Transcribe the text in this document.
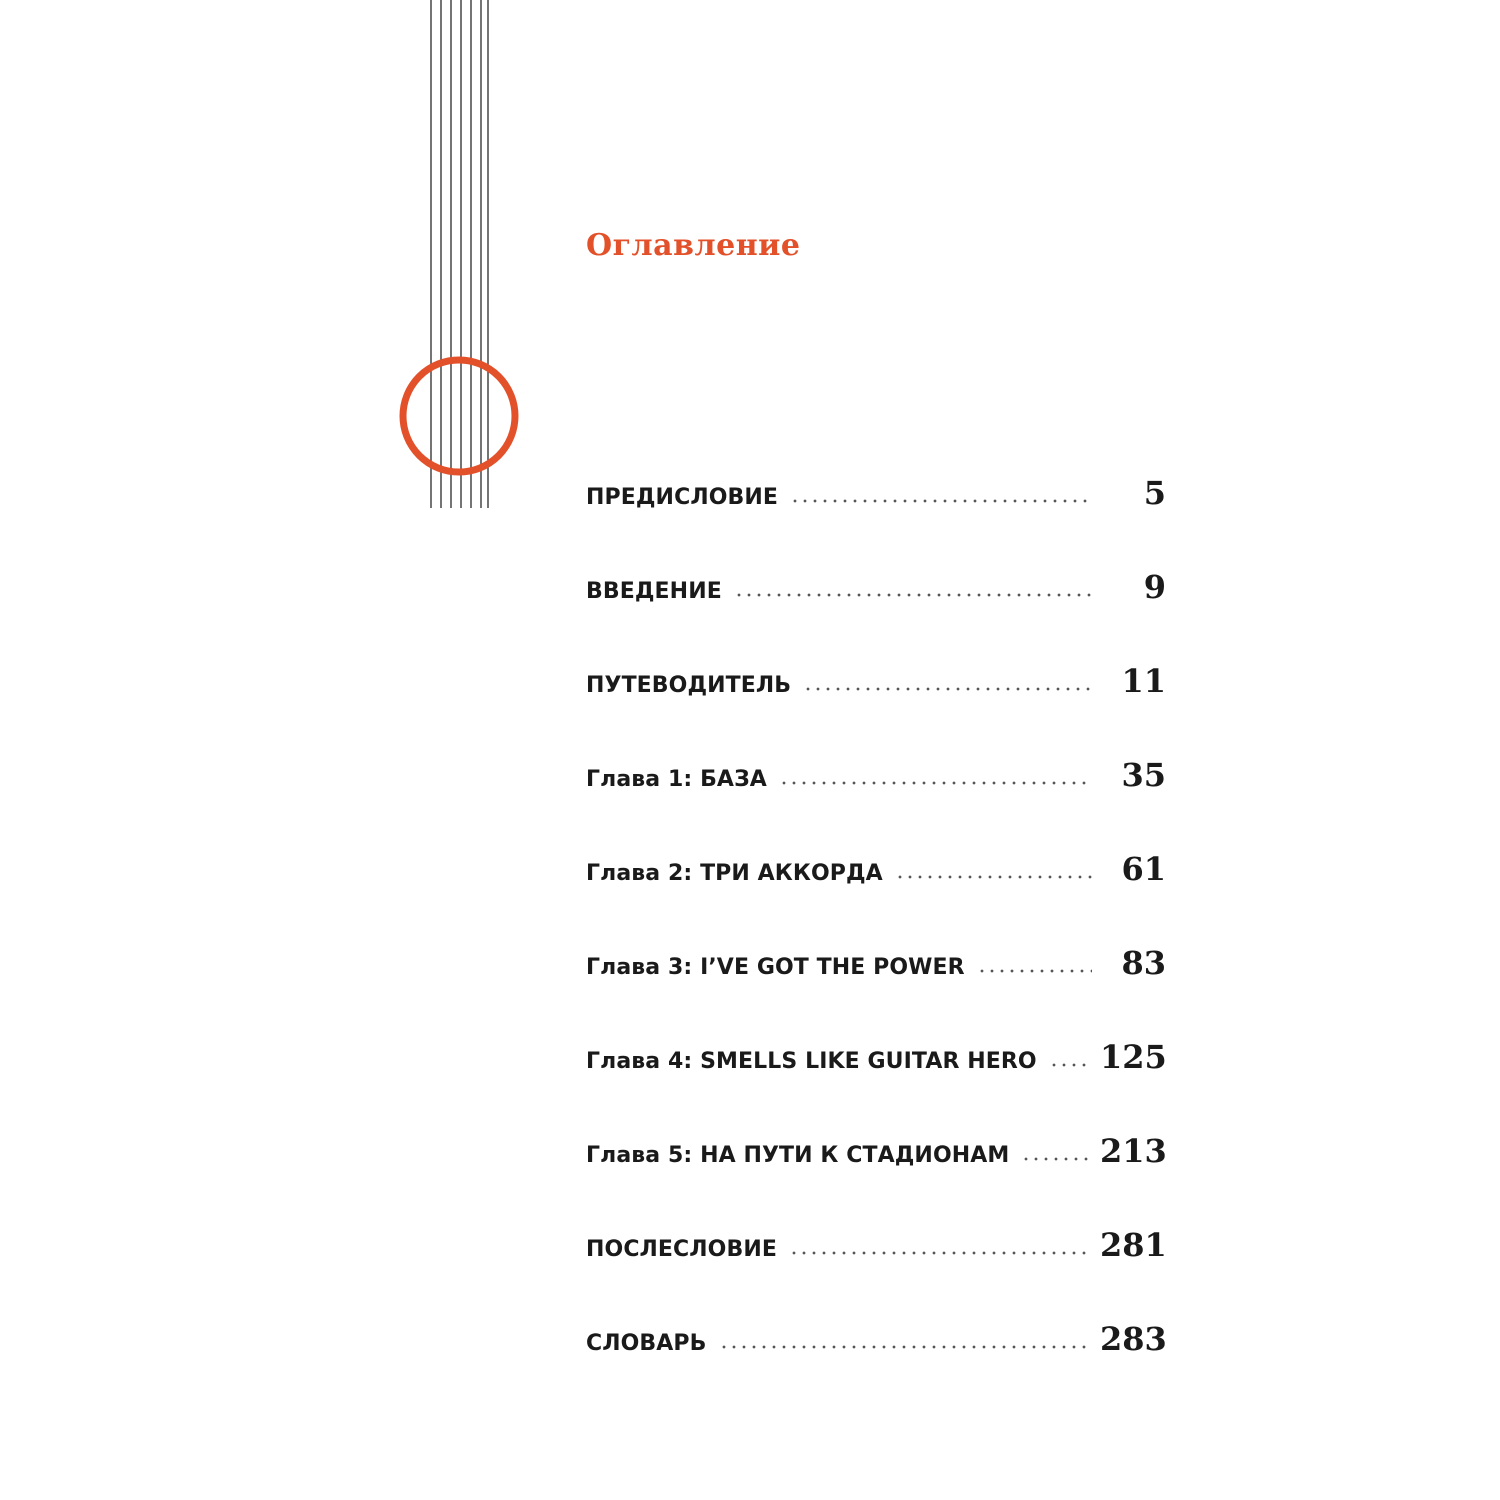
Оглавление
ПРЕДИСЛОВИЕ	5
ВВЕДЕНИЕ	9
ПУТЕВОДИТЕЛЬ	11
Глава 1: БАЗА	35
Глава 2: ТРИ АККОРДА	61
Глава 3: I’VE GOT THE POWER	83
Глава 4: SMELLS LIKE GUITAR HERO 125
Глава 5: НА ПУТИ К СТАДИОНАМ	213
ПОСЛЕСЛОВИЕ	281
СЛОВАРЬ	283
